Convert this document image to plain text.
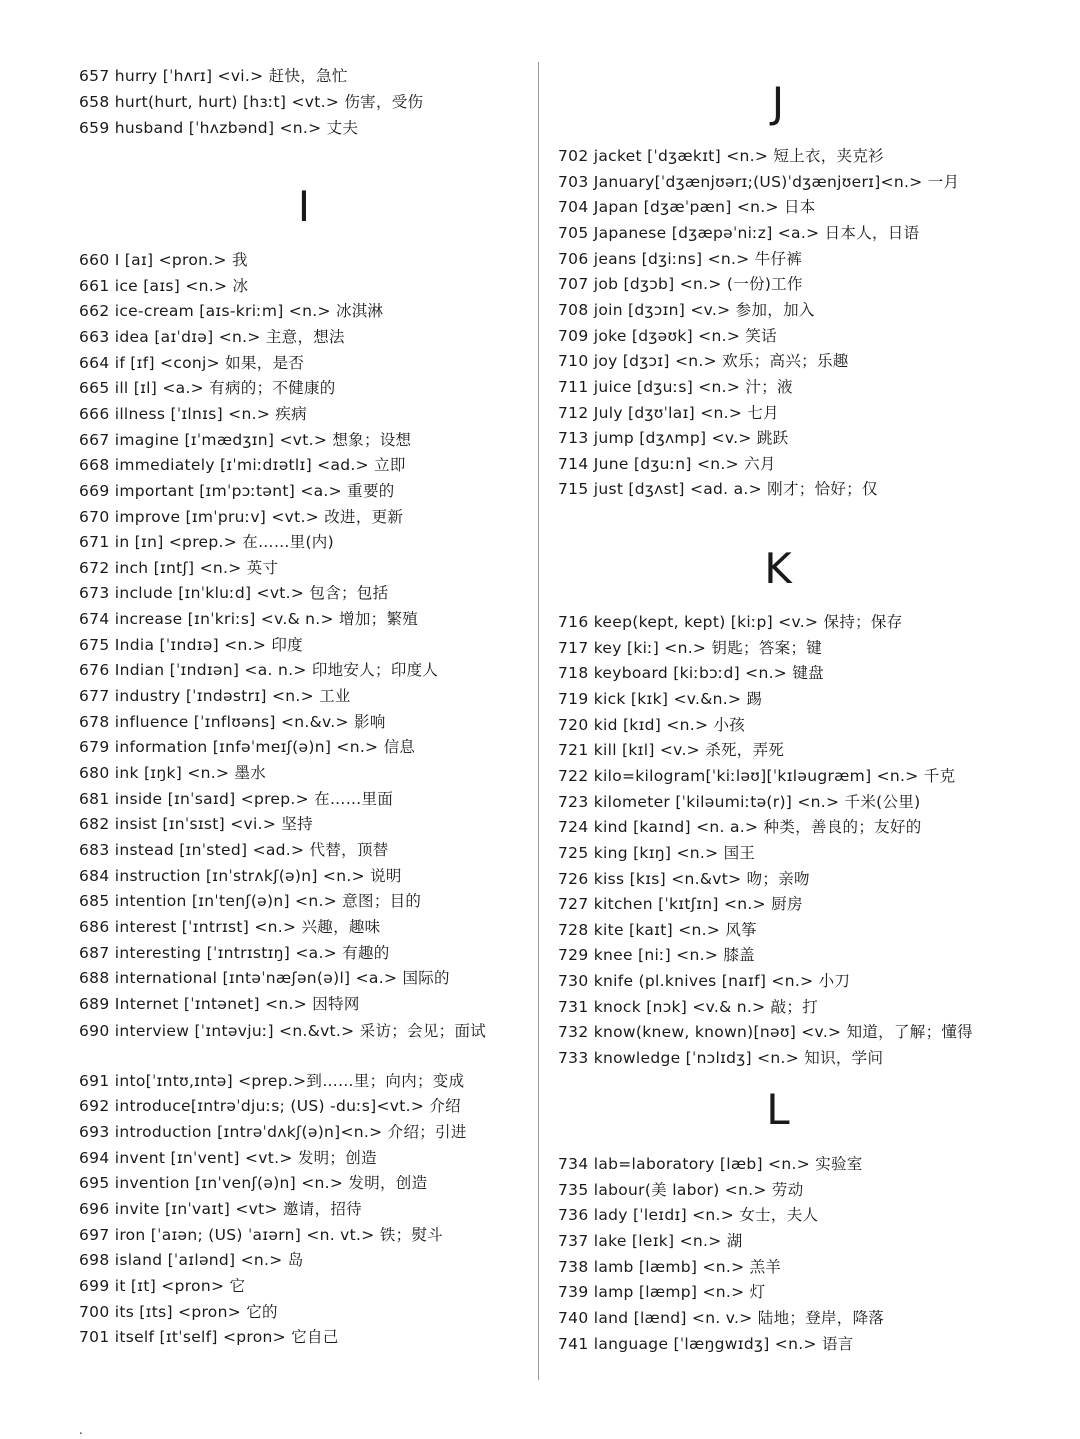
657 hurry [ˈhʌrɪ] <vi.> 赶快，急忙
658 hurt(hurt, hurt) [hɜːt] <vt.> 伤害，受伤
659 husband [ˈhʌzbənd] <n.> 丈夫
I
660 I [aɪ] <pron.> 我
661 ice [aɪs] <n.> 冰
662 ice-cream [aɪs-kriːm] <n.> 冰淇淋
663 idea [aɪˈdɪə] <n.> 主意，想法
664 if [ɪf] <conj> 如果，是否
665 ill [ɪl] <a.> 有病的；不健康的
666 illness [ˈɪlnɪs] <n.> 疾病
667 imagine [ɪˈmædʒɪn] <vt.> 想象；设想
668 immediately [ɪˈmiːdɪətlɪ] <ad.> 立即
669 important [ɪmˈpɔːtənt] <a.> 重要的
670 improve [ɪmˈpruːv] <vt.> 改进，更新
671 in [ɪn] <prep.> 在……里(内)
672 inch [ɪntʃ] <n.> 英寸
673 include [ɪnˈkluːd] <vt.> 包含；包括
674 increase [ɪnˈkriːs] <v.& n.> 增加；繁殖
675 India [ˈɪndɪə] <n.> 印度
676 Indian [ˈɪndɪən] <a. n.> 印地安人；印度人
677 industry [ˈɪndəstrɪ] <n.> 工业
678 influence [ˈɪnflʊəns] <n.&v.> 影响
679 information [ɪnfəˈmeɪʃ(ə)n] <n.> 信息
680 ink [ɪŋk] <n.> 墨水
681 inside [ɪnˈsaɪd] <prep.> 在……里面
682 insist [ɪnˈsɪst] <vi.> 坚持
683 instead [ɪnˈsted] <ad.> 代替，顶替
684 instruction [ɪnˈstrʌkʃ(ə)n] <n.> 说明
685 intention [ɪnˈtenʃ(ə)n] <n.> 意图；目的
686 interest [ˈɪntrɪst] <n.> 兴趣，趣味
687 interesting [ˈɪntrɪstɪŋ] <a.> 有趣的
688 international [ɪntəˈnæʃən(ə)l] <a.> 国际的
689 Internet [ˈɪntənet] <n.> 因特网
690 interview [ˈɪntəvjuː] <n.&vt.> 采访；会见；面试
691 into[ˈɪntʊ,ɪntə] <prep.>到……里；向内；变成
692 introduce[ɪntrəˈdjuːs; (US) -duːs]<vt.> 介绍
693 introduction [ɪntrəˈdʌkʃ(ə)n]<n.> 介绍；引进
694 invent [ɪnˈvent] <vt.> 发明；创造
695 invention [ɪnˈvenʃ(ə)n] <n.> 发明，创造
696 invite [ɪnˈvaɪt] <vt> 邀请，招待
697 iron [ˈaɪən; (US) ˈaɪərn] <n. vt.> 铁；熨斗
698 island [ˈaɪlənd] <n.> 岛
699 it [ɪt] <pron> 它
700 its [ɪts] <pron> 它的
701 itself [ɪtˈself] <pron> 它自己
J
702 jacket [ˈdʒækɪt] <n.> 短上衣，夹克衫
703 January[ˈdʒænjʊərɪ;(US)ˈdʒænjʊerɪ]<n.> 一月
704 Japan [dʒæˈpæn] <n.> 日本
705 Japanese [dʒæpəˈniːz] <a.> 日本人，日语
706 jeans [dʒiːns] <n.> 牛仔裤
707 job [dʒɔb] <n.> (一份)工作
708 join [dʒɔɪn] <v.> 参加，加入
709 joke [dʒəʊk] <n.> 笑话
710 joy [dʒɔɪ] <n.> 欢乐；高兴；乐趣
711 juice [dʒuːs] <n.> 汁；液
712 July [dʒʊˈlaɪ] <n.> 七月
713 jump [dʒʌmp] <v.> 跳跃
714 June [dʒuːn] <n.> 六月
715 just [dʒʌst] <ad. a.> 刚才；恰好；仅
K
716 keep(kept, kept) [kiːp] <v.> 保持；保存
717 key [kiː] <n.> 钥匙；答案；键
718 keyboard [kiːbɔːd] <n.> 键盘
719 kick [kɪk] <v.&n.> 踢
720 kid [kɪd] <n.> 小孩
721 kill [kɪl] <v.> 杀死，弄死
722 kilo=kilogram[ˈkiːləʊ][ˈkɪləugræm] <n.> 千克
723 kilometer [ˈkiləumiːtə(r)] <n.> 千米(公里)
724 kind [kaɪnd] <n. a.> 种类，善良的；友好的
725 king [kɪŋ] <n.> 国王
726 kiss [kɪs] <n.&vt> 吻；亲吻
727 kitchen [ˈkɪtʃɪn] <n.> 厨房
728 kite [kaɪt] <n.> 风筝
729 knee [niː] <n.> 膝盖
730 knife (pl.knives [naɪf] <n.> 小刀
731 knock [nɔk] <v.& n.> 敲；打
732 know(knew, known)[nəʊ] <v.> 知道，了解；懂得
733 knowledge [ˈnɔlɪdʒ] <n.> 知识，学问
L
734 lab=laboratory [læb] <n.> 实验室
735 labour(美 labor) <n.> 劳动
736 lady [ˈleɪdɪ] <n.> 女士，夫人
737 lake [leɪk] <n.> 湖
738 lamb [læmb] <n.> 羔羊
739 lamp [læmp] <n.> 灯
740 land [lænd] <n. v.> 陆地；登岸，降落
741 language [ˈlæŋgwɪdʒ] <n.> 语言
.
